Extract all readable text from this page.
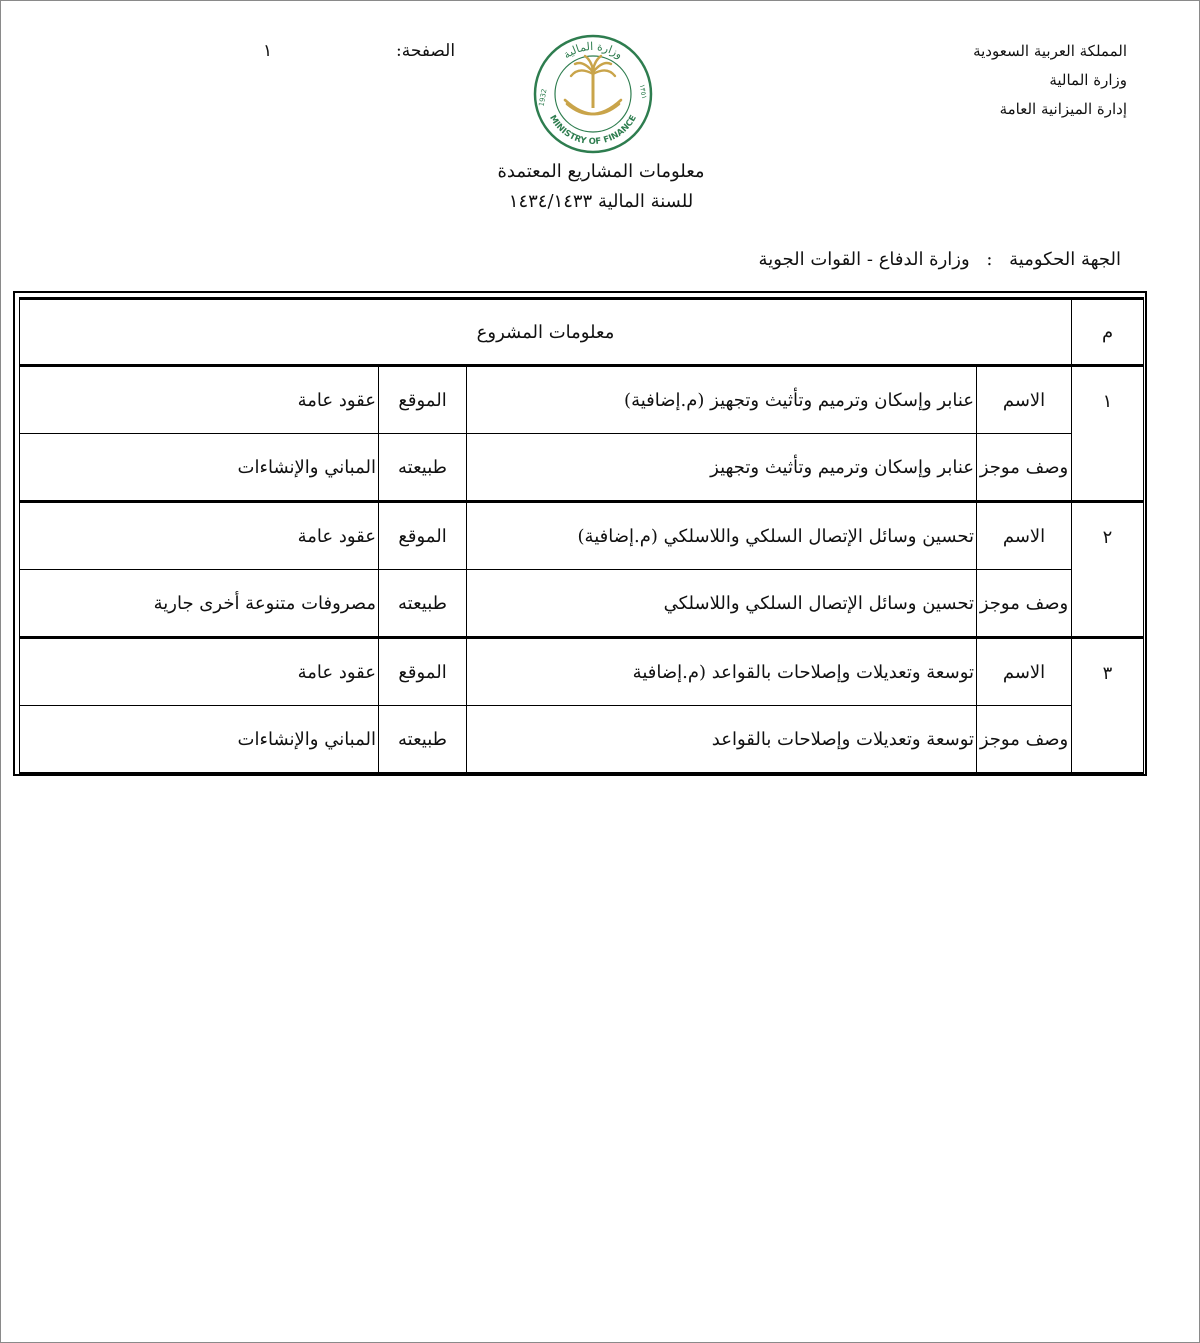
المملكة العربية السعودية
وزارة المالية
إدارة الميزانية العامة
الصفحة:
١	وزارة المالية
MINISTRY OF FINANCE
1932	١٣٥١
معلومات المشاريع المعتمدة
للسنة المالية ١٤٣٤/١٤٣٣
الجهة الحكومية : وزارة الدفاع - القوات الجوية
م	معلومات المشروع			
١	الاسم	عنابر وإسكان وترميم وتأثيث وتجهيز (م.إضافية)	الموقع	عقود عامة
	وصف موجز	عنابر وإسكان وترميم وتأثيث وتجهيز	طبيعته	المباني والإنشاءات
٢	الاسم	تحسين وسائل الإتصال السلكي واللاسلكي (م.إضافية)	الموقع	عقود عامة
	وصف موجز	تحسين وسائل الإتصال السلكي واللاسلكي	طبيعته	مصروفات متنوعة أخرى جارية
٣	الاسم	توسعة وتعديلات وإصلاحات بالقواعد (م.إضافية	الموقع	عقود عامة
	وصف موجز	توسعة وتعديلات وإصلاحات بالقواعد	طبيعته	المباني والإنشاءات
